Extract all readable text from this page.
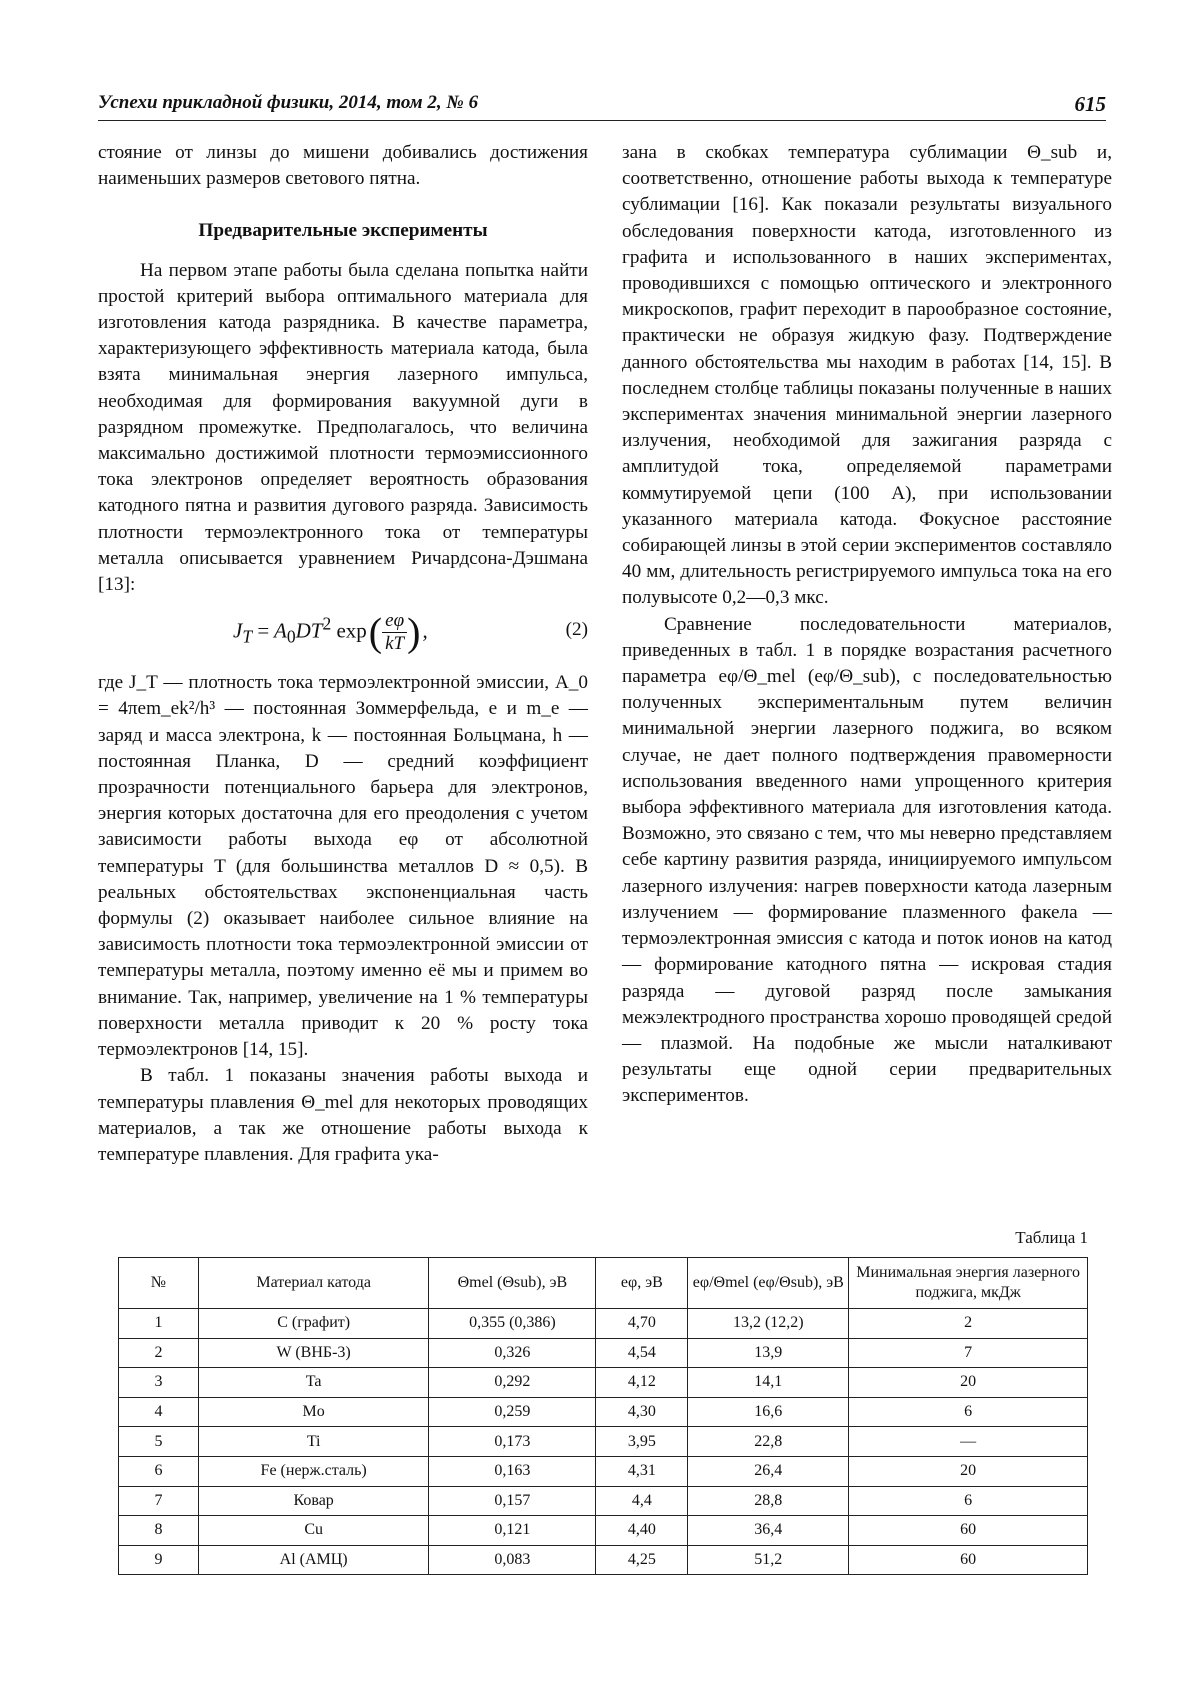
Успехи прикладной физики, 2014, том 2, № 6	615

стояние от линзы до мишени добивались достижения наименьших размеров светового пятна.

Предварительные эксперименты

На первом этапе работы была сделана попытка найти простой критерий выбора оптимального материала для изготовления катода разрядника. В качестве параметра, характеризующего эффективность материала катода, была взята минимальная энергия лазерного импульса, необходимая для формирования вакуумной дуги в разрядном промежутке. Предполагалось, что величина максимально достижимой плотности термоэмиссионного тока электронов определяет вероятность образования катодного пятна и развития дугового разряда. Зависимость плотности термоэлектронного тока от температуры металла описывается уравнением Ричардсона-Дэшмана [13]:

$J_T = A_0DT^2$ $\exp( \frac{e\varphi}{kT}$ ),	(2)

где J_T — плотность тока термоэлектронной эмиссии, A_0 = 4πem_ek²/h³ — постоянная Зоммерфельда, e и m_e — заряд и масса электрона, k — постоянная Больцмана, h — постоянная Планка, D — средний коэффициент прозрачности потенциального барьера для электронов, энергия которых достаточна для его преодоления с учетом зависимости работы выхода eφ от абсолютной температуры T (для большинства металлов D ≈ 0,5). В реальных обстоятельствах экспоненциальная часть формулы (2) оказывает наиболее сильное влияние на зависимость плотности тока термоэлектронной эмиссии от температуры металла, поэтому именно её мы и примем во внимание. Так, например, увеличение на 1 % температуры поверхности металла приводит к 20 % росту тока термоэлектронов [14, 15].

В табл. 1 показаны значения работы выхода и температуры плавления Θ_mel для некоторых проводящих материалов, а так же отношение работы выхода к температуре плавления. Для графита ука-

зана в скобках температура сублимации Θ_sub и, соответственно, отношение работы выхода к температуре сублимации [16]. Как показали результаты визуального обследования поверхности катода, изготовленного из графита и использованного в наших экспериментах, проводившихся с помощью оптического и электронного микроскопов, графит переходит в парообразное состояние, практически не образуя жидкую фазу. Подтверждение данного обстоятельства мы находим в работах [14, 15]. В последнем столбце таблицы показаны полученные в наших экспериментах значения минимальной энергии лазерного излучения, необходимой для зажигания разряда с амплитудой тока, определяемой параметрами коммутируемой цепи (100 А), при использовании указанного материала катода. Фокусное расстояние собирающей линзы в этой серии экспериментов составляло 40 мм, длительность регистрируемого импульса тока на его полувысоте 0,2—0,3 мкс.

Сравнение последовательности материалов, приведенных в табл. 1 в порядке возрастания расчетного параметра eφ/Θ_mel (eφ/Θ_sub), с последовательностью полученных экспериментальным путем величин минимальной энергии лазерного поджига, во всяком случае, не дает полного подтверждения правомерности использования введенного нами упрощенного критерия выбора эффективного материала для изготовления катода. Возможно, это связано с тем, что мы неверно представляем себе картину развития разряда, инициируемого импульсом лазерного излучения: нагрев поверхности катода лазерным излучением — формирование плазменного факела — термоэлектронная эмиссия с катода и поток ионов на катод — формирование катодного пятна — искровая стадия разряда — дуговой разряд после замыкания межэлектродного пространства хорошо проводящей средой — плазмой. На подобные же мысли наталкивают результаты еще одной серии предварительных экспериментов.

Таблица 1
№	Материал катода	Θmel (Θsub), эВ	eφ, эВ	eφ/Θmel (eφ/Θsub), эВ	Минимальная энергия лазерного поджига, мкДж
1	С (графит)	0,355 (0,386)	4,70	13,2 (12,2)	2
2	W (ВНБ-3)	0,326	4,54	13,9	7
3	Ta	0,292	4,12	14,1	20
4	Mo	0,259	4,30	16,6	6
5	Ti	0,173	3,95	22,8	—
6	Fe (нерж.сталь)	0,163	4,31	26,4	20
7	Ковар	0,157	4,4	28,8	6
8	Cu	0,121	4,40	36,4	60
9	Al (АМЦ)	0,083	4,25	51,2	60
